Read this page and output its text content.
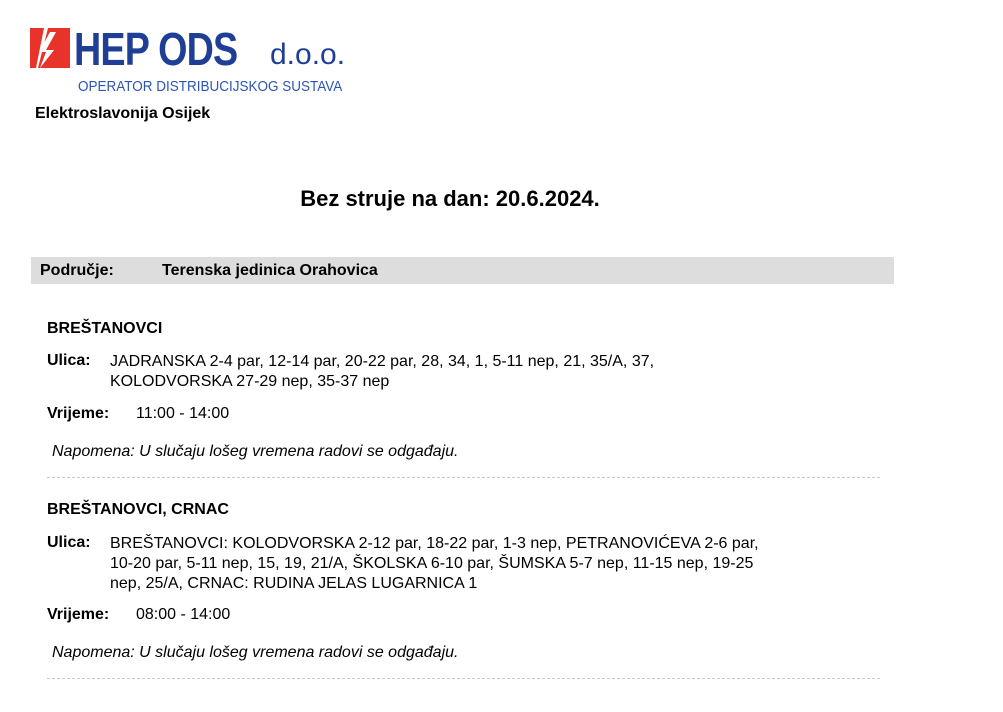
HEP ODS d.o.o.
OPERATOR DISTRIBUCIJSKOG SUSTAVA
Elektroslavonija Osijek
Bez struje na dan: 20.6.2024.
Područje:	Terenska jedinica Orahovica
BREŠTANOVCI
Ulica: JADRANSKA 2-4 par, 12-14 par, 20-22 par, 28, 34, 1, 5-11 nep, 21, 35/A, 37,
KOLODVORSKA 27-29 nep, 35-37 nep
Vrijeme: 11:00 - 14:00
Napomena: U slučaju lošeg vremena radovi se odgađaju.
BREŠTANOVCI, CRNAC
Ulica: BREŠTANOVCI: KOLODVORSKA 2-12 par, 18-22 par, 1-3 nep, PETRANOVIĆEVA 2-6 par,
10-20 par, 5-11 nep, 15, 19, 21/A, ŠKOLSKA 6-10 par, ŠUMSKA 5-7 nep, 11-15 nep, 19-25
nep, 25/A, CRNAC: RUDINA JELAS LUGARNICA 1
Vrijeme: 08:00 - 14:00
Napomena: U slučaju lošeg vremena radovi se odgađaju.
